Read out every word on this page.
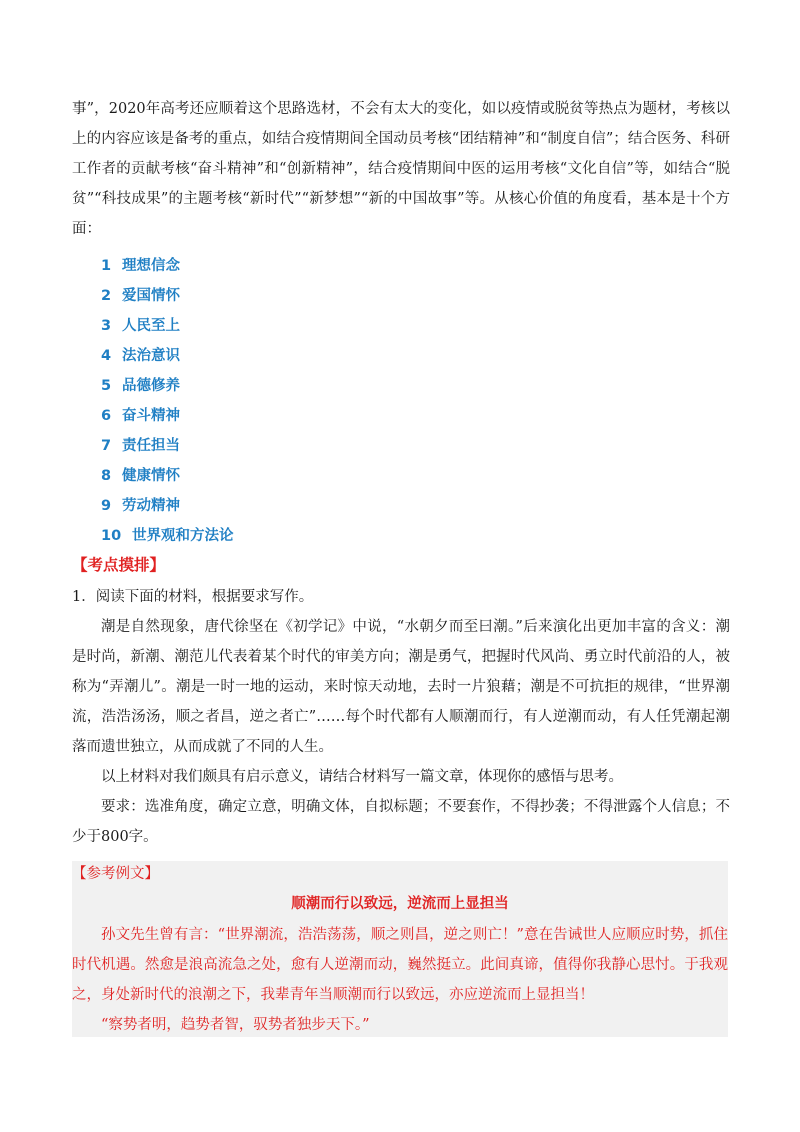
事”，2020年高考还应顺着这个思路选材，不会有太大的变化，如以疫情或脱贫等热点为题材，考核以上的内容应该是备考的重点，如结合疫情期间全国动员考核“团结精神”和“制度自信”；结合医务、科研工作者的贡献考核“奋斗精神”和“创新精神”，结合疫情期间中医的运用考核“文化自信”等，如结合“脱贫”“科技成果”的主题考核“新时代”“新梦想”“新的中国故事”等。从核心价值的角度看，基本是十个方面：

1 理想信念
2 爱国情怀
3 人民至上
4 法治意识
5 品德修养
6 奋斗精神
7 责任担当
8 健康情怀
9 劳动精神
10 世界观和方法论
【考点摸排】

1．阅读下面的材料，根据要求写作。

潮是自然现象，唐代徐坚在《初学记》中说，“水朝夕而至曰潮。”后来演化出更加丰富的含义：潮是时尚，新潮、潮范儿代表着某个时代的审美方向；潮是勇气，把握时代风尚、勇立时代前沿的人，被称为“弄潮儿”。潮是一时一地的运动，来时惊天动地，去时一片狼藉；潮是不可抗拒的规律，“世界潮流，浩浩汤汤，顺之者昌，逆之者亡”……每个时代都有人顺潮而行，有人逆潮而动，有人任凭潮起潮落而遗世独立，从而成就了不同的人生。

以上材料对我们颇具有启示意义，请结合材料写一篇文章，体现你的感悟与思考。

要求：选准角度，确定立意，明确文体，自拟标题；不要套作，不得抄袭；不得泄露个人信息；不少于800字。

【参考例文】
顺潮而行以致远，逆流而上显担当

孙文先生曾有言：“世界潮流，浩浩荡荡，顺之则昌，逆之则亡！”意在告诫世人应顺应时势，抓住时代机遇。然愈是浪高流急之处，愈有人逆潮而动，巍然挺立。此间真谛，值得你我静心思忖。于我观之，身处新时代的浪潮之下，我辈青年当顺潮而行以致远，亦应逆流而上显担当！

“察势者明，趋势者智，驭势者独步天下。”
